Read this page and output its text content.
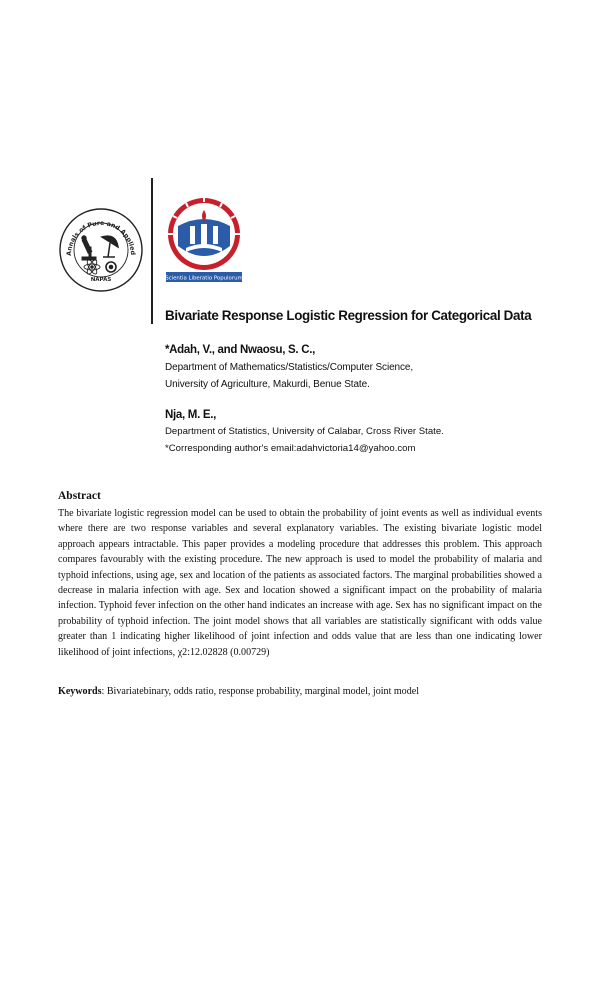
Annals of Pure and Applied
NAPAS	Scientia Liberatio Populorum
Bivariate Response Logistic Regression for Categorical Data
*Adah, V., and Nwaosu, S. C.,
Department of Mathematics/Statistics/Computer Science,
University of Agriculture, Makurdi, Benue State.
Nja, M. E.,
Department of Statistics, University of Calabar, Cross River State.
*Corresponding author's email:adahvictoria14@yahoo.com
Abstract

The bivariate logistic regression model can be used to obtain the probability of joint events as well as individual events where there are two response variables and several explanatory variables. The existing bivariate logistic model approach appears intractable. This paper provides a modeling procedure that addresses this problem. This approach compares favourably with the existing procedure. The new approach is used to model the probability of malaria and typhoid infections, using age, sex and location of the patients as associated factors. The marginal probabilities showed a decrease in malaria infection with age. Sex and location showed a significant impact on the probability of malaria infection. Typhoid fever infection on the other hand indicates an increase with age. Sex has no significant impact on the probability of typhoid infection. The joint model shows that all variables are statistically significant with odds value greater than 1 indicating higher likelihood of joint infection and odds value that are less than one indicating lower likelihood of joint infections, χ2:12.02828 (0.00729)

Keywords: Bivariatebinary, odds ratio, response probability, marginal model, joint model
